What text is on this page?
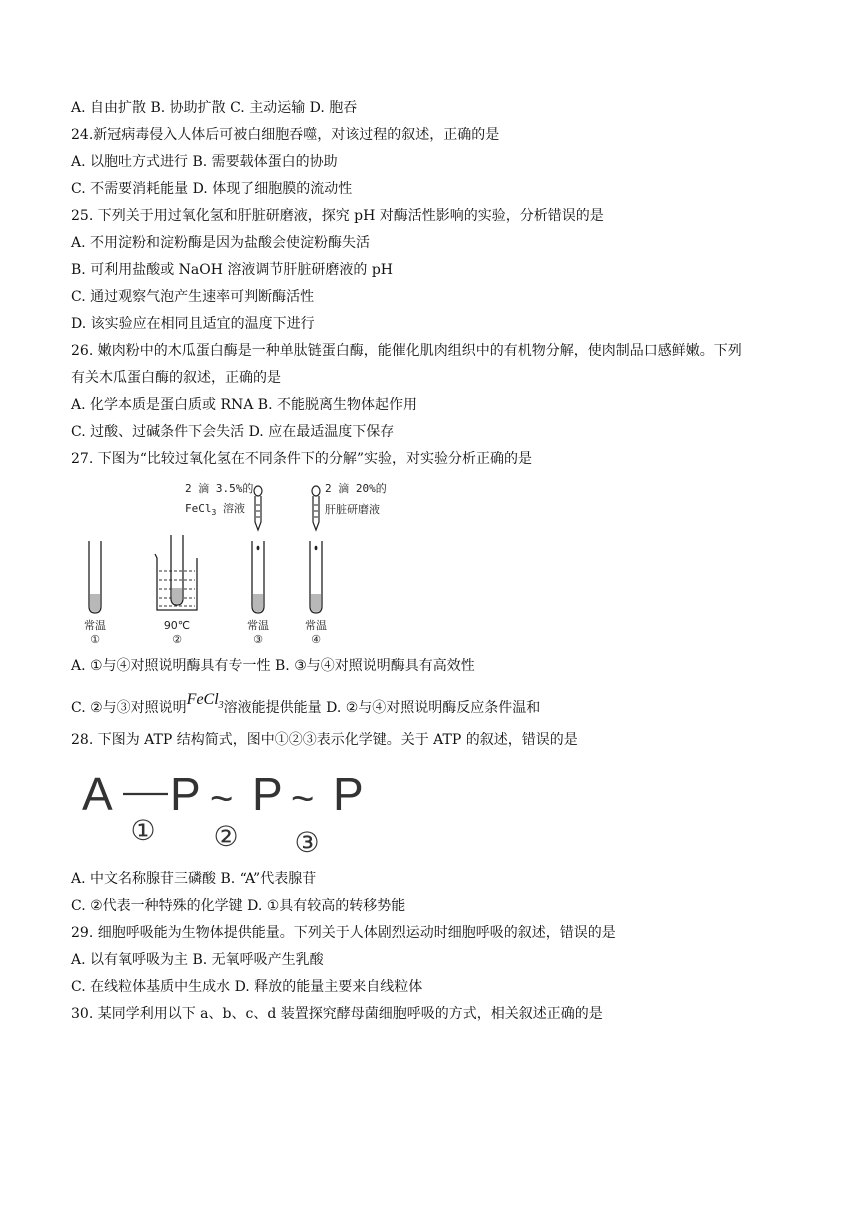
A. 自由扩散 B. 协助扩散 C. 主动运输 D. 胞吞
24.新冠病毒侵入人体后可被白细胞吞噬，对该过程的叙述，正确的是
A. 以胞吐方式进行 B. 需要载体蛋白的协助
C. 不需要消耗能量 D. 体现了细胞膜的流动性
25. 下列关于用过氧化氢和肝脏研磨液，探究 pH 对酶活性影响的实验，分析错误的是
A. 不用淀粉和淀粉酶是因为盐酸会使淀粉酶失活
B. 可利用盐酸或 NaOH 溶液调节肝脏研磨液的 pH
C. 通过观察气泡产生速率可判断酶活性
D. 该实验应在相同且适宜的温度下进行
26. 嫩肉粉中的木瓜蛋白酶是一种单肽链蛋白酶，能催化肌肉组织中的有机物分解，使肉制品口感鲜嫩。下列
有关木瓜蛋白酶的叙述，正确的是
A. 化学本质是蛋白质或 RNA B. 不能脱离生物体起作用
C. 过酸、过碱条件下会失活 D. 应在最适温度下保存
27. 下图为“比较过氧化氢在不同条件下的分解”实验，对实验分析正确的是
2 滴 3.5%的
FeCl$_3$ 溶液
2 滴 20%的
肝脏研磨液
常温
①
90℃
②
常温
③
常温
④
A. ①与④对照说明酶具有专一性 B. ③与④对照说明酶具有高效性
C. ②与③对照说明FeCl$_3$溶液能提供能量 D. ②与④对照说明酶反应条件温和
28. 下图为 ATP 结构简式，图中①②③表示化学键。关于 ATP 的叙述，错误的是
A P ~ P ~ P
① ② ③
A. 中文名称腺苷三磷酸 B. “A”代表腺苷
C. ②代表一种特殊的化学键 D. ①具有较高的转移势能
29. 细胞呼吸能为生物体提供能量。下列关于人体剧烈运动时细胞呼吸的叙述，错误的是
A. 以有氧呼吸为主 B. 无氧呼吸产生乳酸
C. 在线粒体基质中生成水 D. 释放的能量主要来自线粒体
30. 某同学利用以下 a、b、c、d 装置探究酵母菌细胞呼吸的方式，相关叙述正确的是
